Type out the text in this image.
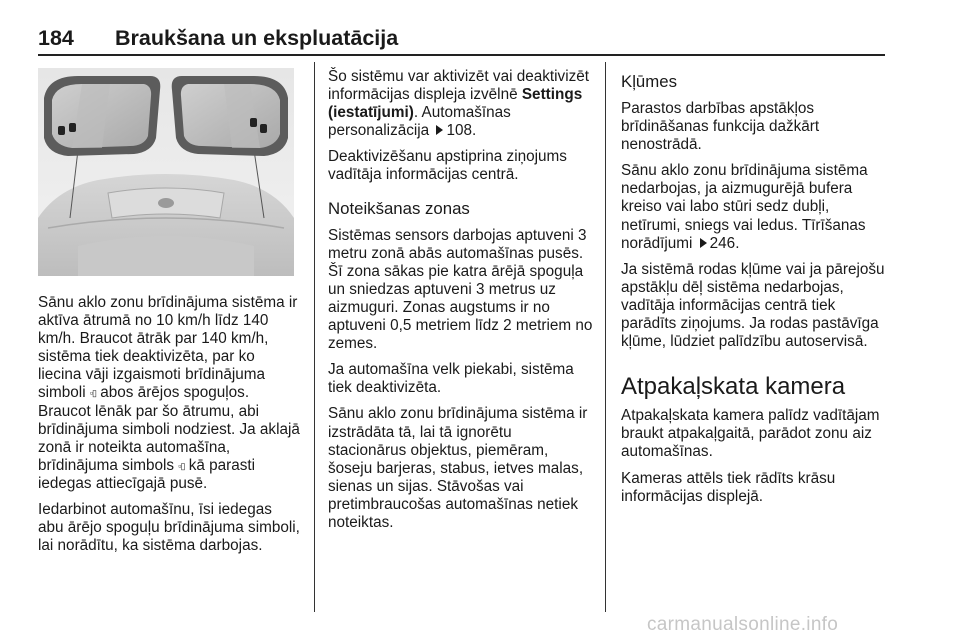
184 Braukšana un ekspluatācija

Sānu aklo zonu brīdinājuma sistēma ir aktīva ātrumā no 10 km/h līdz 140 km/h. Braucot ātrāk par 140 km/h, sistēma tiek deaktivizēta, par ko liecina vāji izgaismoti brīdinājuma simboli ▫▯ abos ārējos spoguļos. Braucot lēnāk par šo ātrumu, abi brīdinājuma simboli nodziest. Ja aklajā zonā ir noteikta automašīna, brīdinājuma simbols ▫▯ kā parasti iedegas attiecīgajā pusē.

Iedarbinot automašīnu, īsi iedegas abu ārējo spoguļu brīdinājuma simboli, lai norādītu, ka sistēma darbojas.

Šo sistēmu var aktivizēt vai deaktivizēt informācijas displeja izvēlnē Settings (iestatījumi). Automašīnas personalizācija 108.

Deaktivizēšanu apstiprina ziņojums vadītāja informācijas centrā.

Noteikšanas zonas

Sistēmas sensors darbojas aptuveni 3 metru zonā abās automašīnas pusēs. Šī zona sākas pie katra ārējā spoguļa un sniedzas aptuveni 3 metrus uz aizmuguri. Zonas augstums ir no aptuveni 0,5 metriem līdz 2 metriem no zemes.

Ja automašīna velk piekabi, sistēma tiek deaktivizēta.

Sānu aklo zonu brīdinājuma sistēma ir izstrādāta tā, lai tā ignorētu stacionārus objektus, piemēram, šoseju barjeras, stabus, ietves malas, sienas un sijas. Stāvošas vai pretimbraucošas automašīnas netiek noteiktas.

Kļūmes

Parastos darbības apstākļos brīdināšanas funkcija dažkārt nenostrādā.

Sānu aklo zonu brīdinājuma sistēma nedarbojas, ja aizmugurējā bufera kreiso vai labo stūri sedz dubļi, netīrumi, sniegs vai ledus. Tīrīšanas norādījumi 246.

Ja sistēmā rodas kļūme vai ja pārejošu apstākļu dēļ sistēma nedarbojas, vadītāja informācijas centrā tiek parādīts ziņojums. Ja rodas pastāvīga kļūme, lūdziet palīdzību autoservisā.

Atpakaļskata kamera

Atpakaļskata kamera palīdz vadītājam braukt atpakaļgaitā, parādot zonu aiz automašīnas.

Kameras attēls tiek rādīts krāsu informācijas displejā.

carmanualsonline.info
